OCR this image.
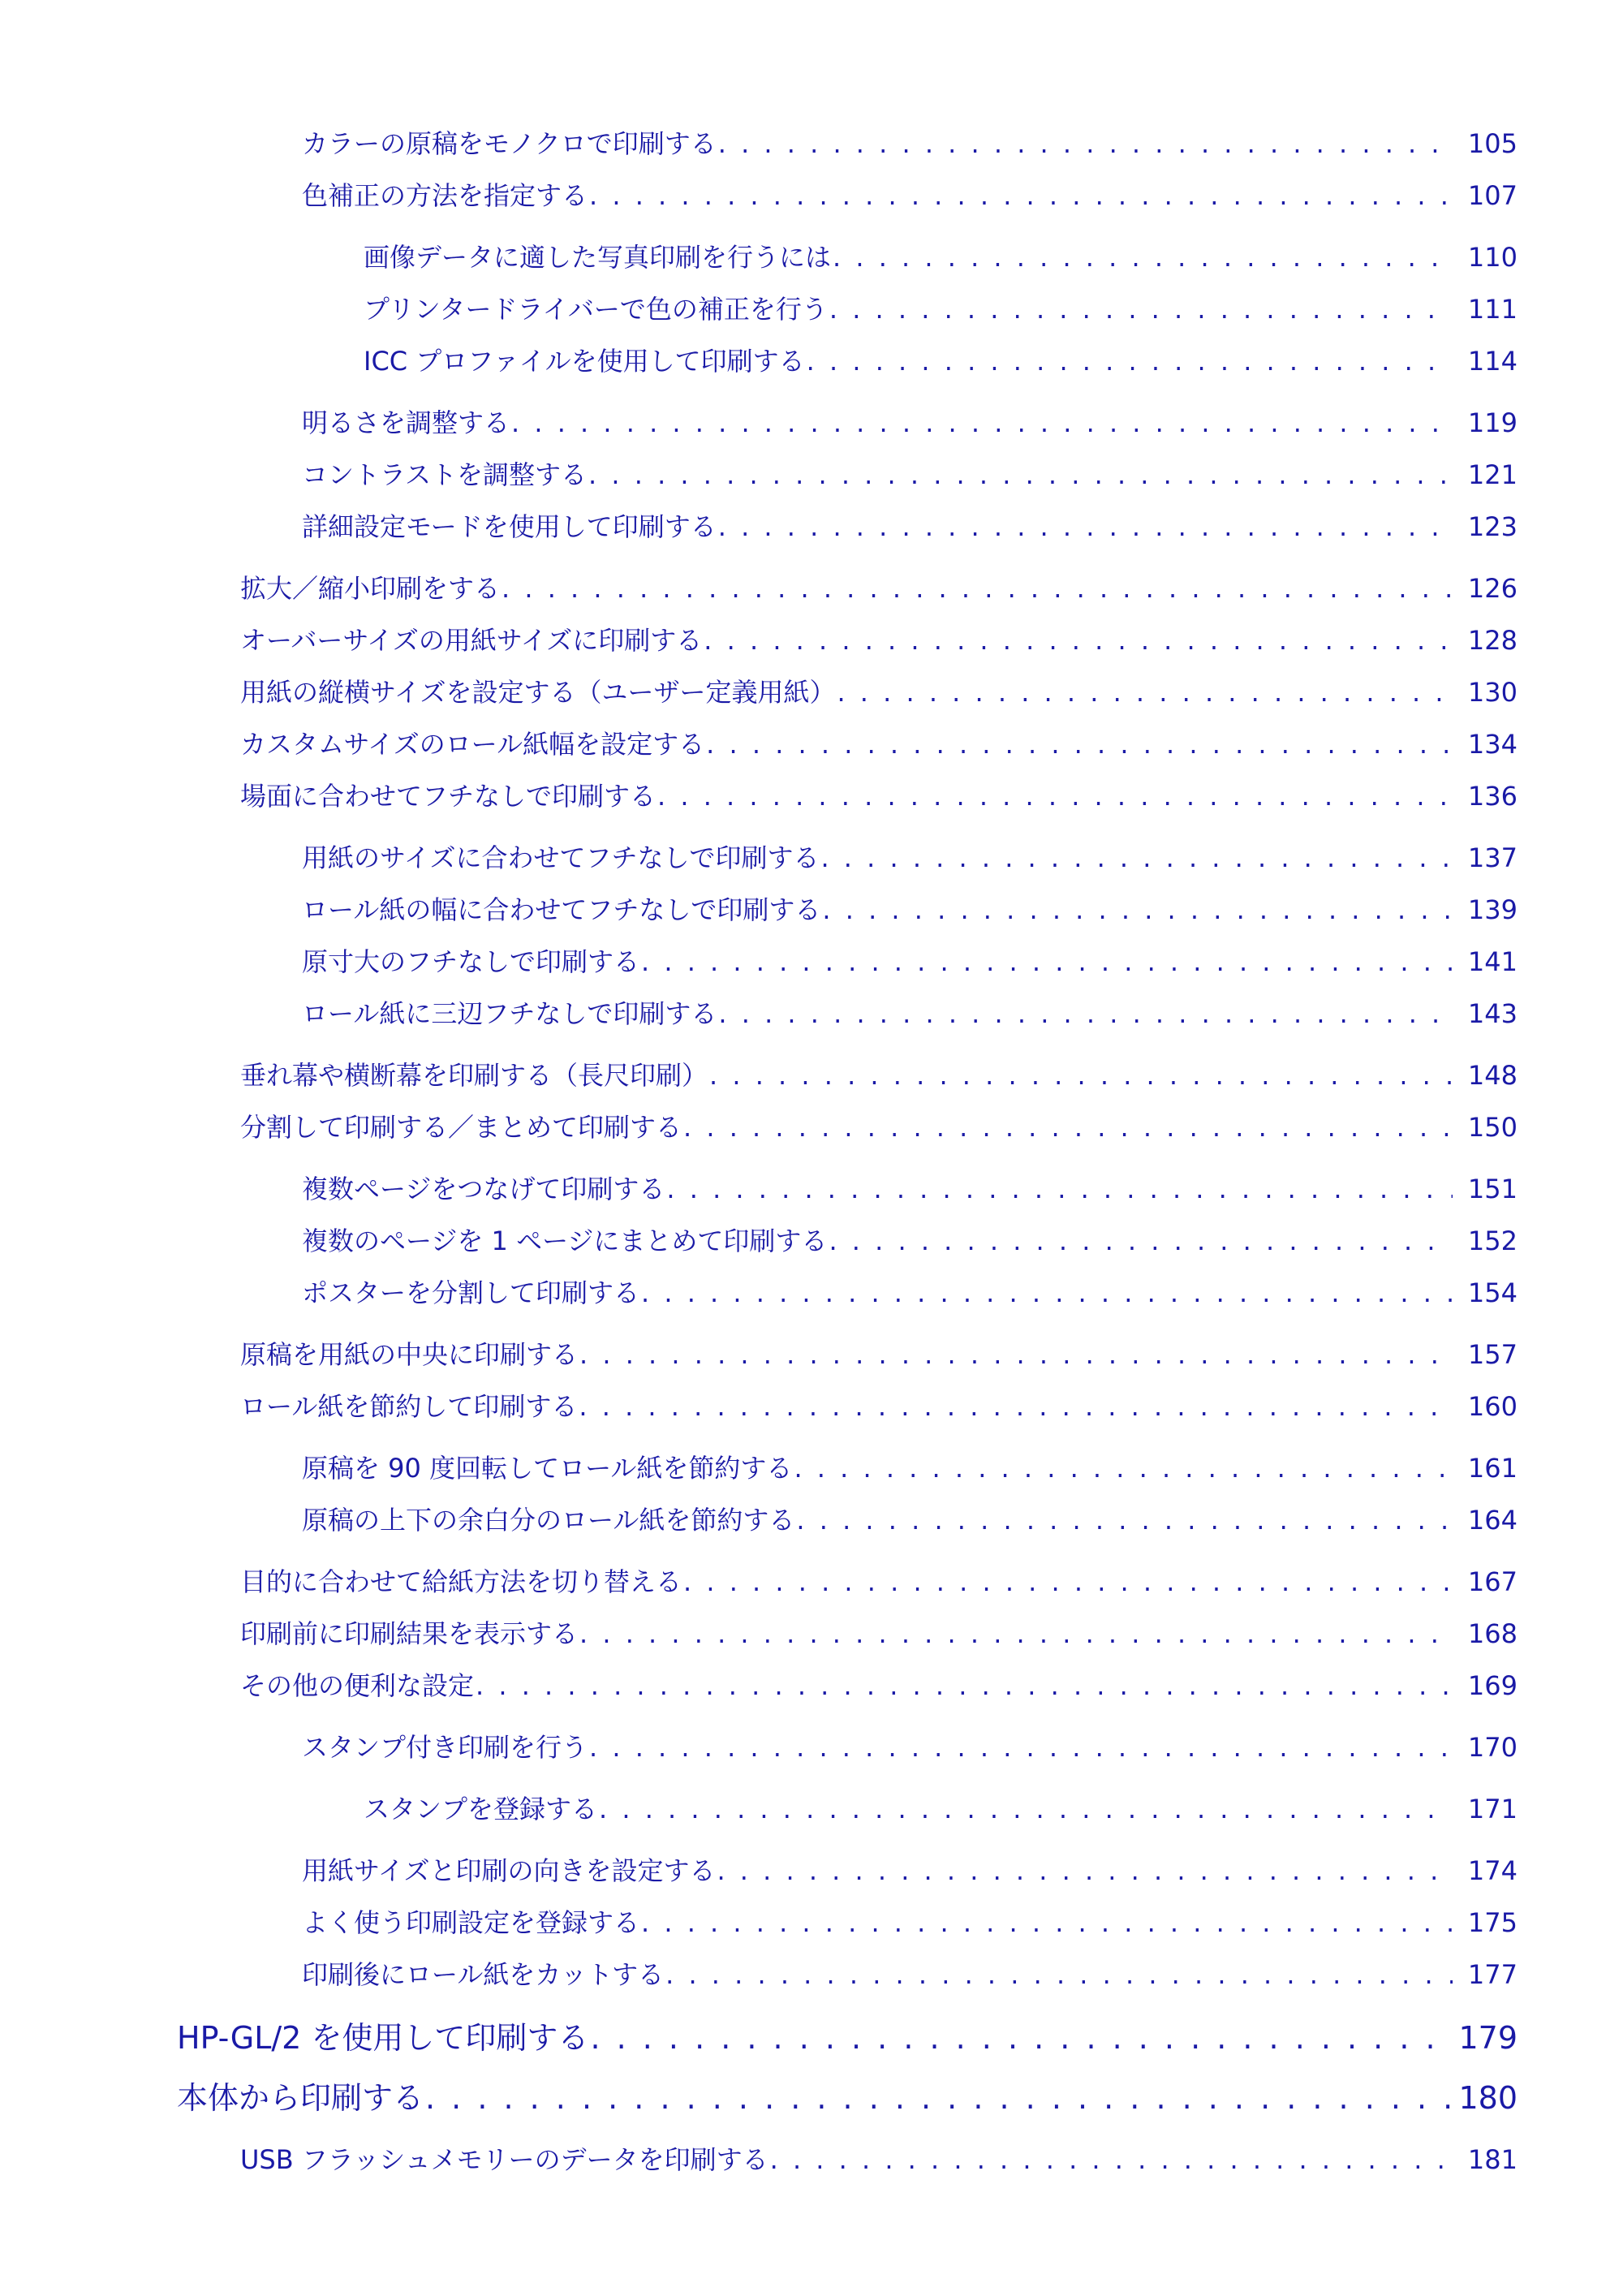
カラーの原稿をモノクロで印刷する . . .	105
色補正の方法を指定する . . .	107
画像データに適した写真印刷を行うには . . .	110
プリンタードライバーで色の補正を行う . . .	111
ICC プロファイルを使用して印刷する . . .	114
明るさを調整する . . .	119
コントラストを調整する . . .	121
詳細設定モードを使用して印刷する . . .	123
拡大／縮小印刷をする . . .	126
オーバーサイズの用紙サイズに印刷する . . .	128
用紙の縦横サイズを設定する（ユーザー定義用紙） . . .	130
カスタムサイズのロール紙幅を設定する . . .	134
場面に合わせてフチなしで印刷する . . .	136
用紙のサイズに合わせてフチなしで印刷する . . .	137
ロール紙の幅に合わせてフチなしで印刷する . . .	139
原寸大のフチなしで印刷する . . .	141
ロール紙に三辺フチなしで印刷する . . .	143
垂れ幕や横断幕を印刷する（長尺印刷） . . .	148
分割して印刷する／まとめて印刷する . . .	150
複数ページをつなげて印刷する . . .	151
複数のページを 1 ページにまとめて印刷する . . .	152
ポスターを分割して印刷する . . .	154
原稿を用紙の中央に印刷する . . .	157
ロール紙を節約して印刷する . . .	160
原稿を 90 度回転してロール紙を節約する . . .	161
原稿の上下の余白分のロール紙を節約する . . .	164
目的に合わせて給紙方法を切り替える . . .	167
印刷前に印刷結果を表示する . . .	168
その他の便利な設定 . . .	169
スタンプ付き印刷を行う . . .	170
スタンプを登録する . . .	171
用紙サイズと印刷の向きを設定する . . .	174
よく使う印刷設定を登録する . . .	175
印刷後にロール紙をカットする . . .	177
HP-GL/2 を使用して印刷する . . .	179
本体から印刷する . . .	180
USB フラッシュメモリーのデータを印刷する . . .	181
